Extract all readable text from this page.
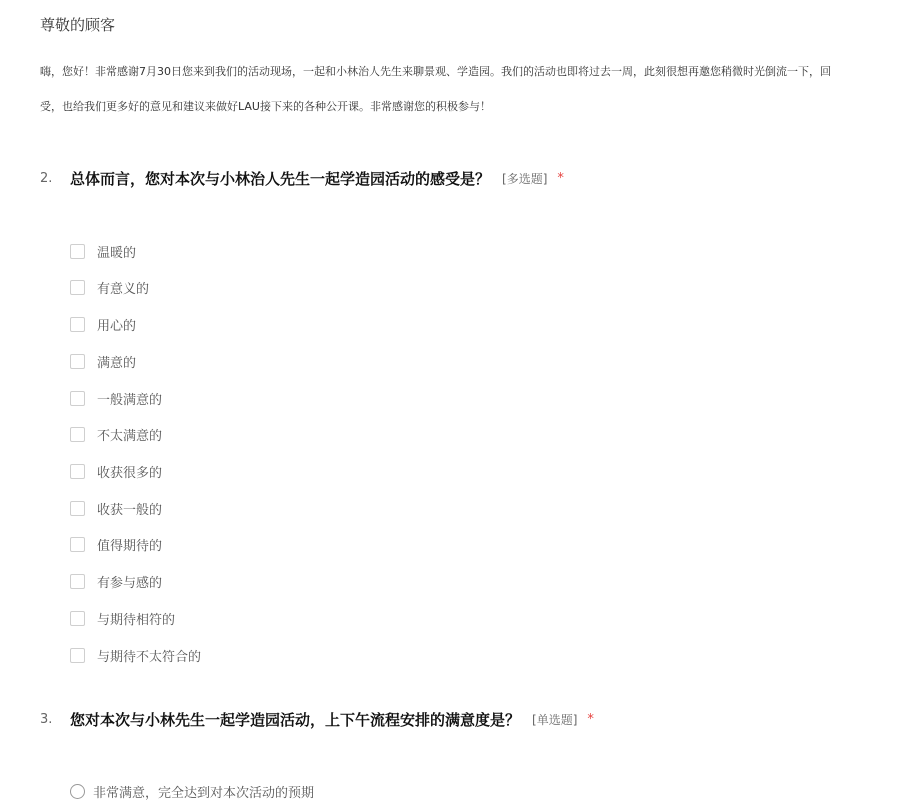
尊敬的顾客
嗨，您好！非常感谢7月30日您来到我们的活动现场，一起和小林治人先生来聊景观、学造园。我们的活动也即将过去一周，此刻很想再邀您稍微时光倒流一下，回
受，也给我们更多好的意见和建议来做好LAU接下来的各种公开课。非常感谢您的积极参与！
2. 总体而言，您对本次与小林治人先生一起学造园活动的感受是？ [多选题] *
温暖的
有意义的
用心的
满意的
一般满意的
不太满意的
收获很多的
收获一般的
值得期待的
有参与感的
与期待相符的
与期待不太符合的
3. 您对本次与小林先生一起学造园活动，上下午流程安排的满意度是？ [单选题] *
非常满意，完全达到对本次活动的预期
